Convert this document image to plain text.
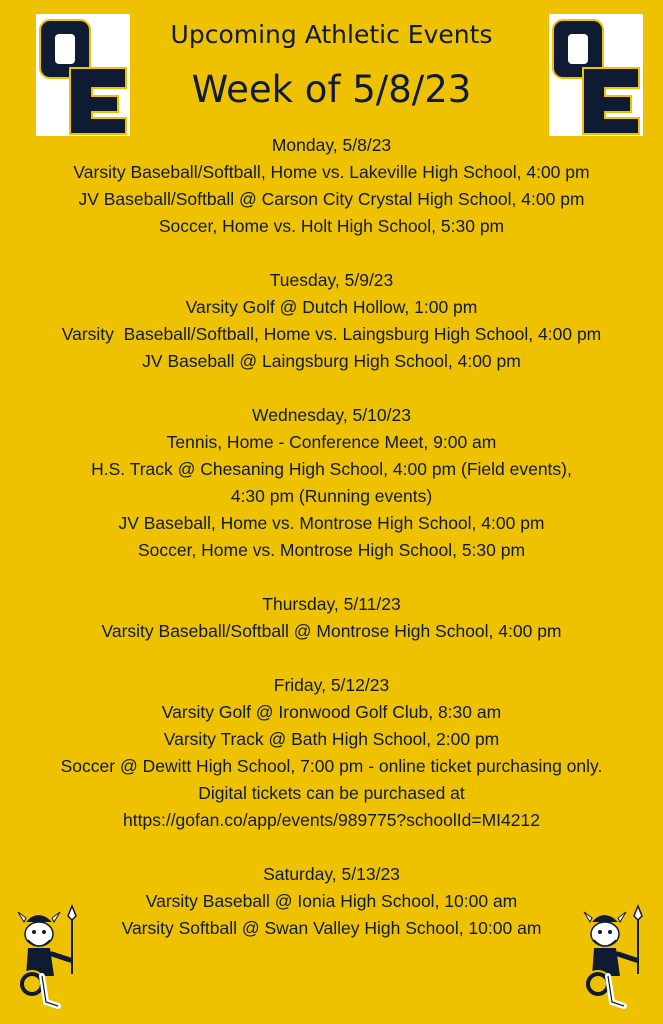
Upcoming Athletic Events
Week of 5/8/23
Monday, 5/8/23
Varsity Baseball/Softball, Home vs. Lakeville High School, 4:00 pm
JV Baseball/Softball @ Carson City Crystal High School, 4:00 pm
Soccer, Home vs. Holt High School, 5:30 pm
Tuesday, 5/9/23
Varsity Golf @ Dutch Hollow, 1:00 pm
Varsity  Baseball/Softball, Home vs. Laingsburg High School, 4:00 pm
JV Baseball @ Laingsburg High School, 4:00 pm
Wednesday, 5/10/23
Tennis, Home - Conference Meet, 9:00 am
H.S. Track @ Chesaning High School, 4:00 pm (Field events),
4:30 pm (Running events)
JV Baseball, Home vs. Montrose High School, 4:00 pm
Soccer, Home vs. Montrose High School, 5:30 pm
Thursday, 5/11/23
Varsity Baseball/Softball @ Montrose High School, 4:00 pm
Friday, 5/12/23
Varsity Golf @ Ironwood Golf Club, 8:30 am
Varsity Track @ Bath High School, 2:00 pm
Soccer @ Dewitt High School, 7:00 pm - online ticket purchasing only.
Digital tickets can be purchased at
https://gofan.co/app/events/989775?schoolId=MI4212
Saturday, 5/13/23
Varsity Baseball @ Ionia High School, 10:00 am
Varsity Softball @ Swan Valley High School, 10:00 am
